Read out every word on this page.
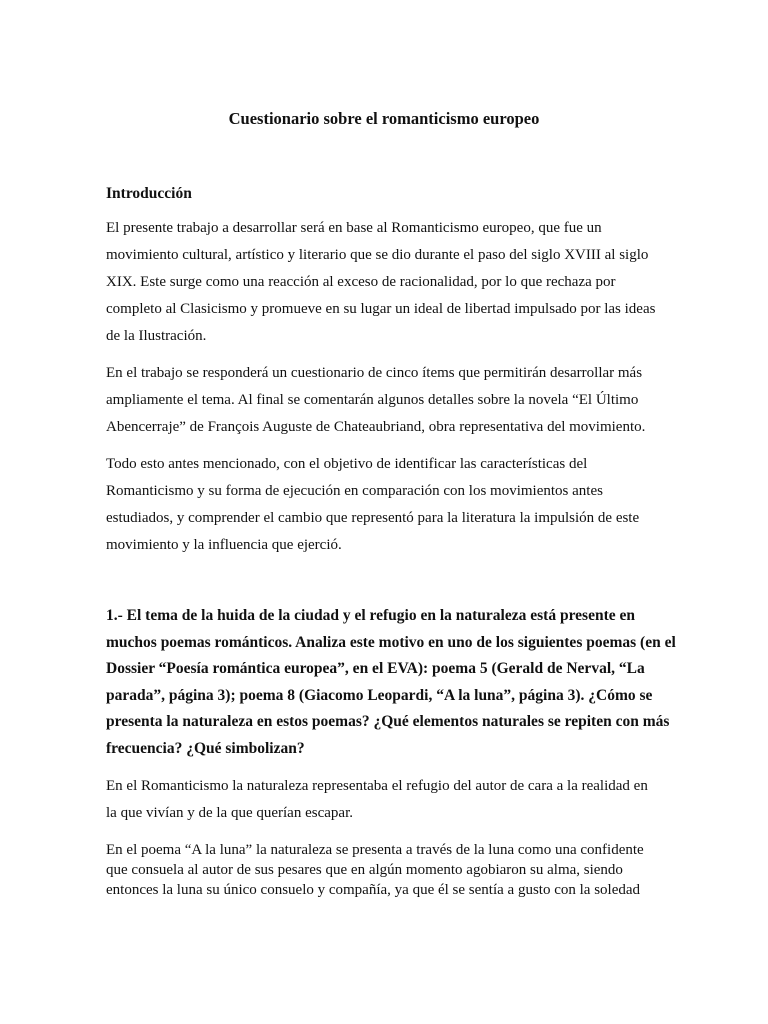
Cuestionario sobre el romanticismo europeo
Introducción

El presente trabajo a desarrollar será en base al Romanticismo europeo, que fue un
movimiento cultural, artístico y literario que se dio durante el paso del siglo XVIII al siglo
XIX. Este surge como una reacción al exceso de racionalidad, por lo que rechaza por
completo al Clasicismo y promueve en su lugar un ideal de libertad impulsado por las ideas
de la Ilustración.

En el trabajo se responderá un cuestionario de cinco ítems que permitirán desarrollar más
ampliamente el tema. Al final se comentarán algunos detalles sobre la novela “El Último
Abencerraje” de François Auguste de Chateaubriand, obra representativa del movimiento.

Todo esto antes mencionado, con el objetivo de identificar las características del
Romanticismo y su forma de ejecución en comparación con los movimientos antes
estudiados, y comprender el cambio que representó para la literatura la impulsión de este
movimiento y la influencia que ejerció.

1.- El tema de la huida de la ciudad y el refugio en la naturaleza está presente en
muchos poemas románticos. Analiza este motivo en uno de los siguientes poemas (en el
Dossier “Poesía romántica europea”, en el EVA): poema 5 (Gerald de Nerval, “La
parada”, página 3); poema 8 (Giacomo Leopardi, “A la luna”, página 3). ¿Cómo se
presenta la naturaleza en estos poemas? ¿Qué elementos naturales se repiten con más
frecuencia? ¿Qué simbolizan?

En el Romanticismo la naturaleza representaba el refugio del autor de cara a la realidad en
la que vivían y de la que querían escapar.

En el poema “A la luna” la naturaleza se presenta a través de la luna como una confidente
que consuela al autor de sus pesares que en algún momento agobiaron su alma, siendo
entonces la luna su único consuelo y compañía, ya que él se sentía a gusto con la soledad
